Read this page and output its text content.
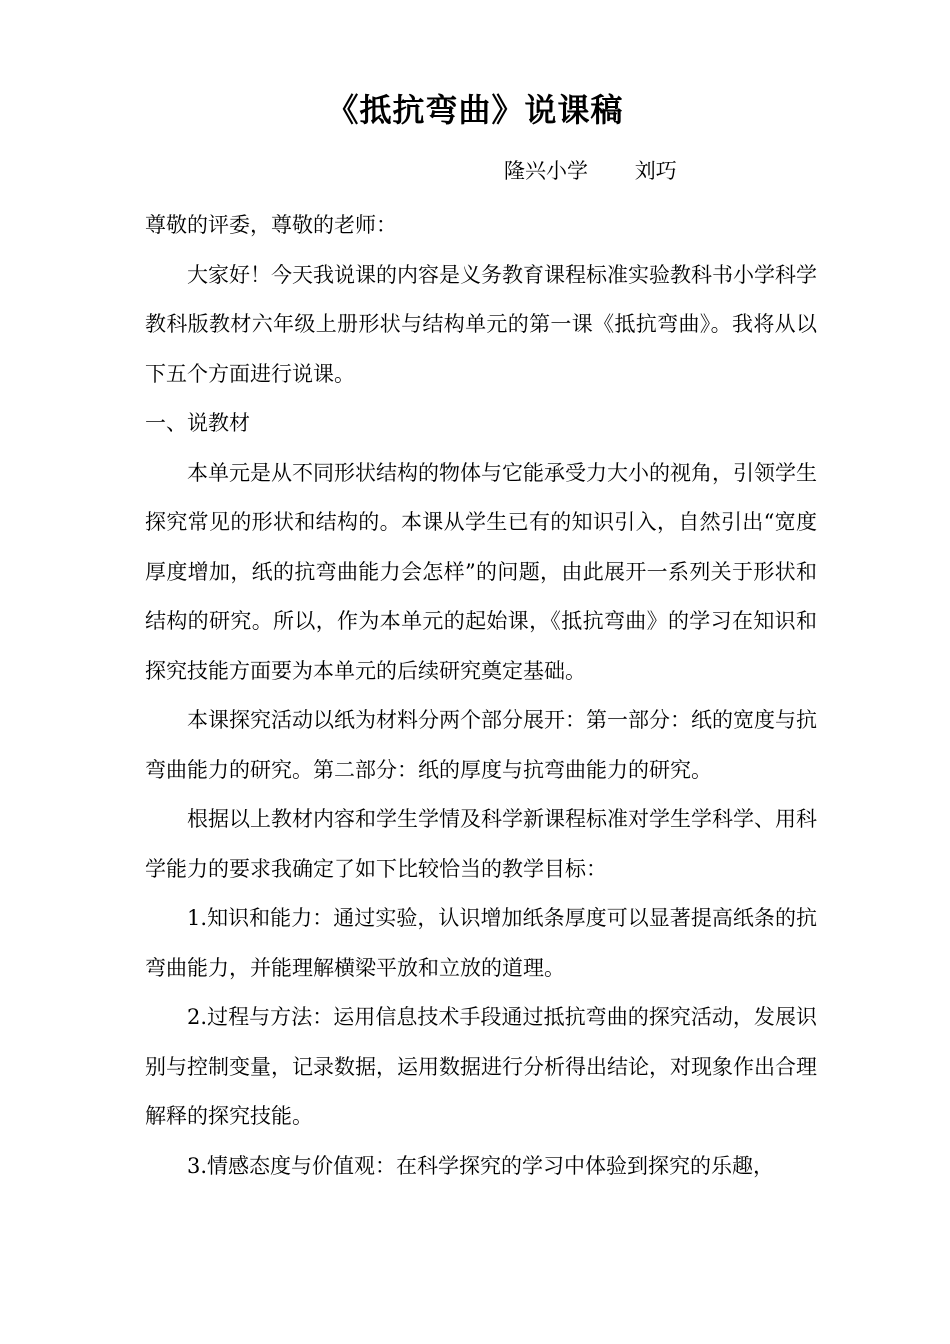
《抵抗弯曲》说课稿
隆兴小学 刘巧

尊敬的评委，尊敬的老师：

大家好！今天我说课的内容是义务教育课程标准实验教科书小学科学教科版教材六年级上册形状与结构单元的第一课《抵抗弯曲》。我将从以下五个方面进行说课。

一、说教材

本单元是从不同形状结构的物体与它能承受力大小的视角，引领学生探究常见的形状和结构的。本课从学生已有的知识引入，自然引出“宽度厚度增加，纸的抗弯曲能力会怎样”的问题，由此展开一系列关于形状和结构的研究。所以，作为本单元的起始课，《抵抗弯曲》的学习在知识和探究技能方面要为本单元的后续研究奠定基础。

本课探究活动以纸为材料分两个部分展开：第一部分：纸的宽度与抗弯曲能力的研究。第二部分：纸的厚度与抗弯曲能力的研究。

根据以上教材内容和学生学情及科学新课程标准对学生学科学、用科学能力的要求我确定了如下比较恰当的教学目标：

1.知识和能力：通过实验，认识增加纸条厚度可以显著提高纸条的抗弯曲能力，并能理解横梁平放和立放的道理。

2.过程与方法：运用信息技术手段通过抵抗弯曲的探究活动，发展识别与控制变量，记录数据，运用数据进行分析得出结论，对现象作出合理解释的探究技能。

3.情感态度与价值观：在科学探究的学习中体验到探究的乐趣，
